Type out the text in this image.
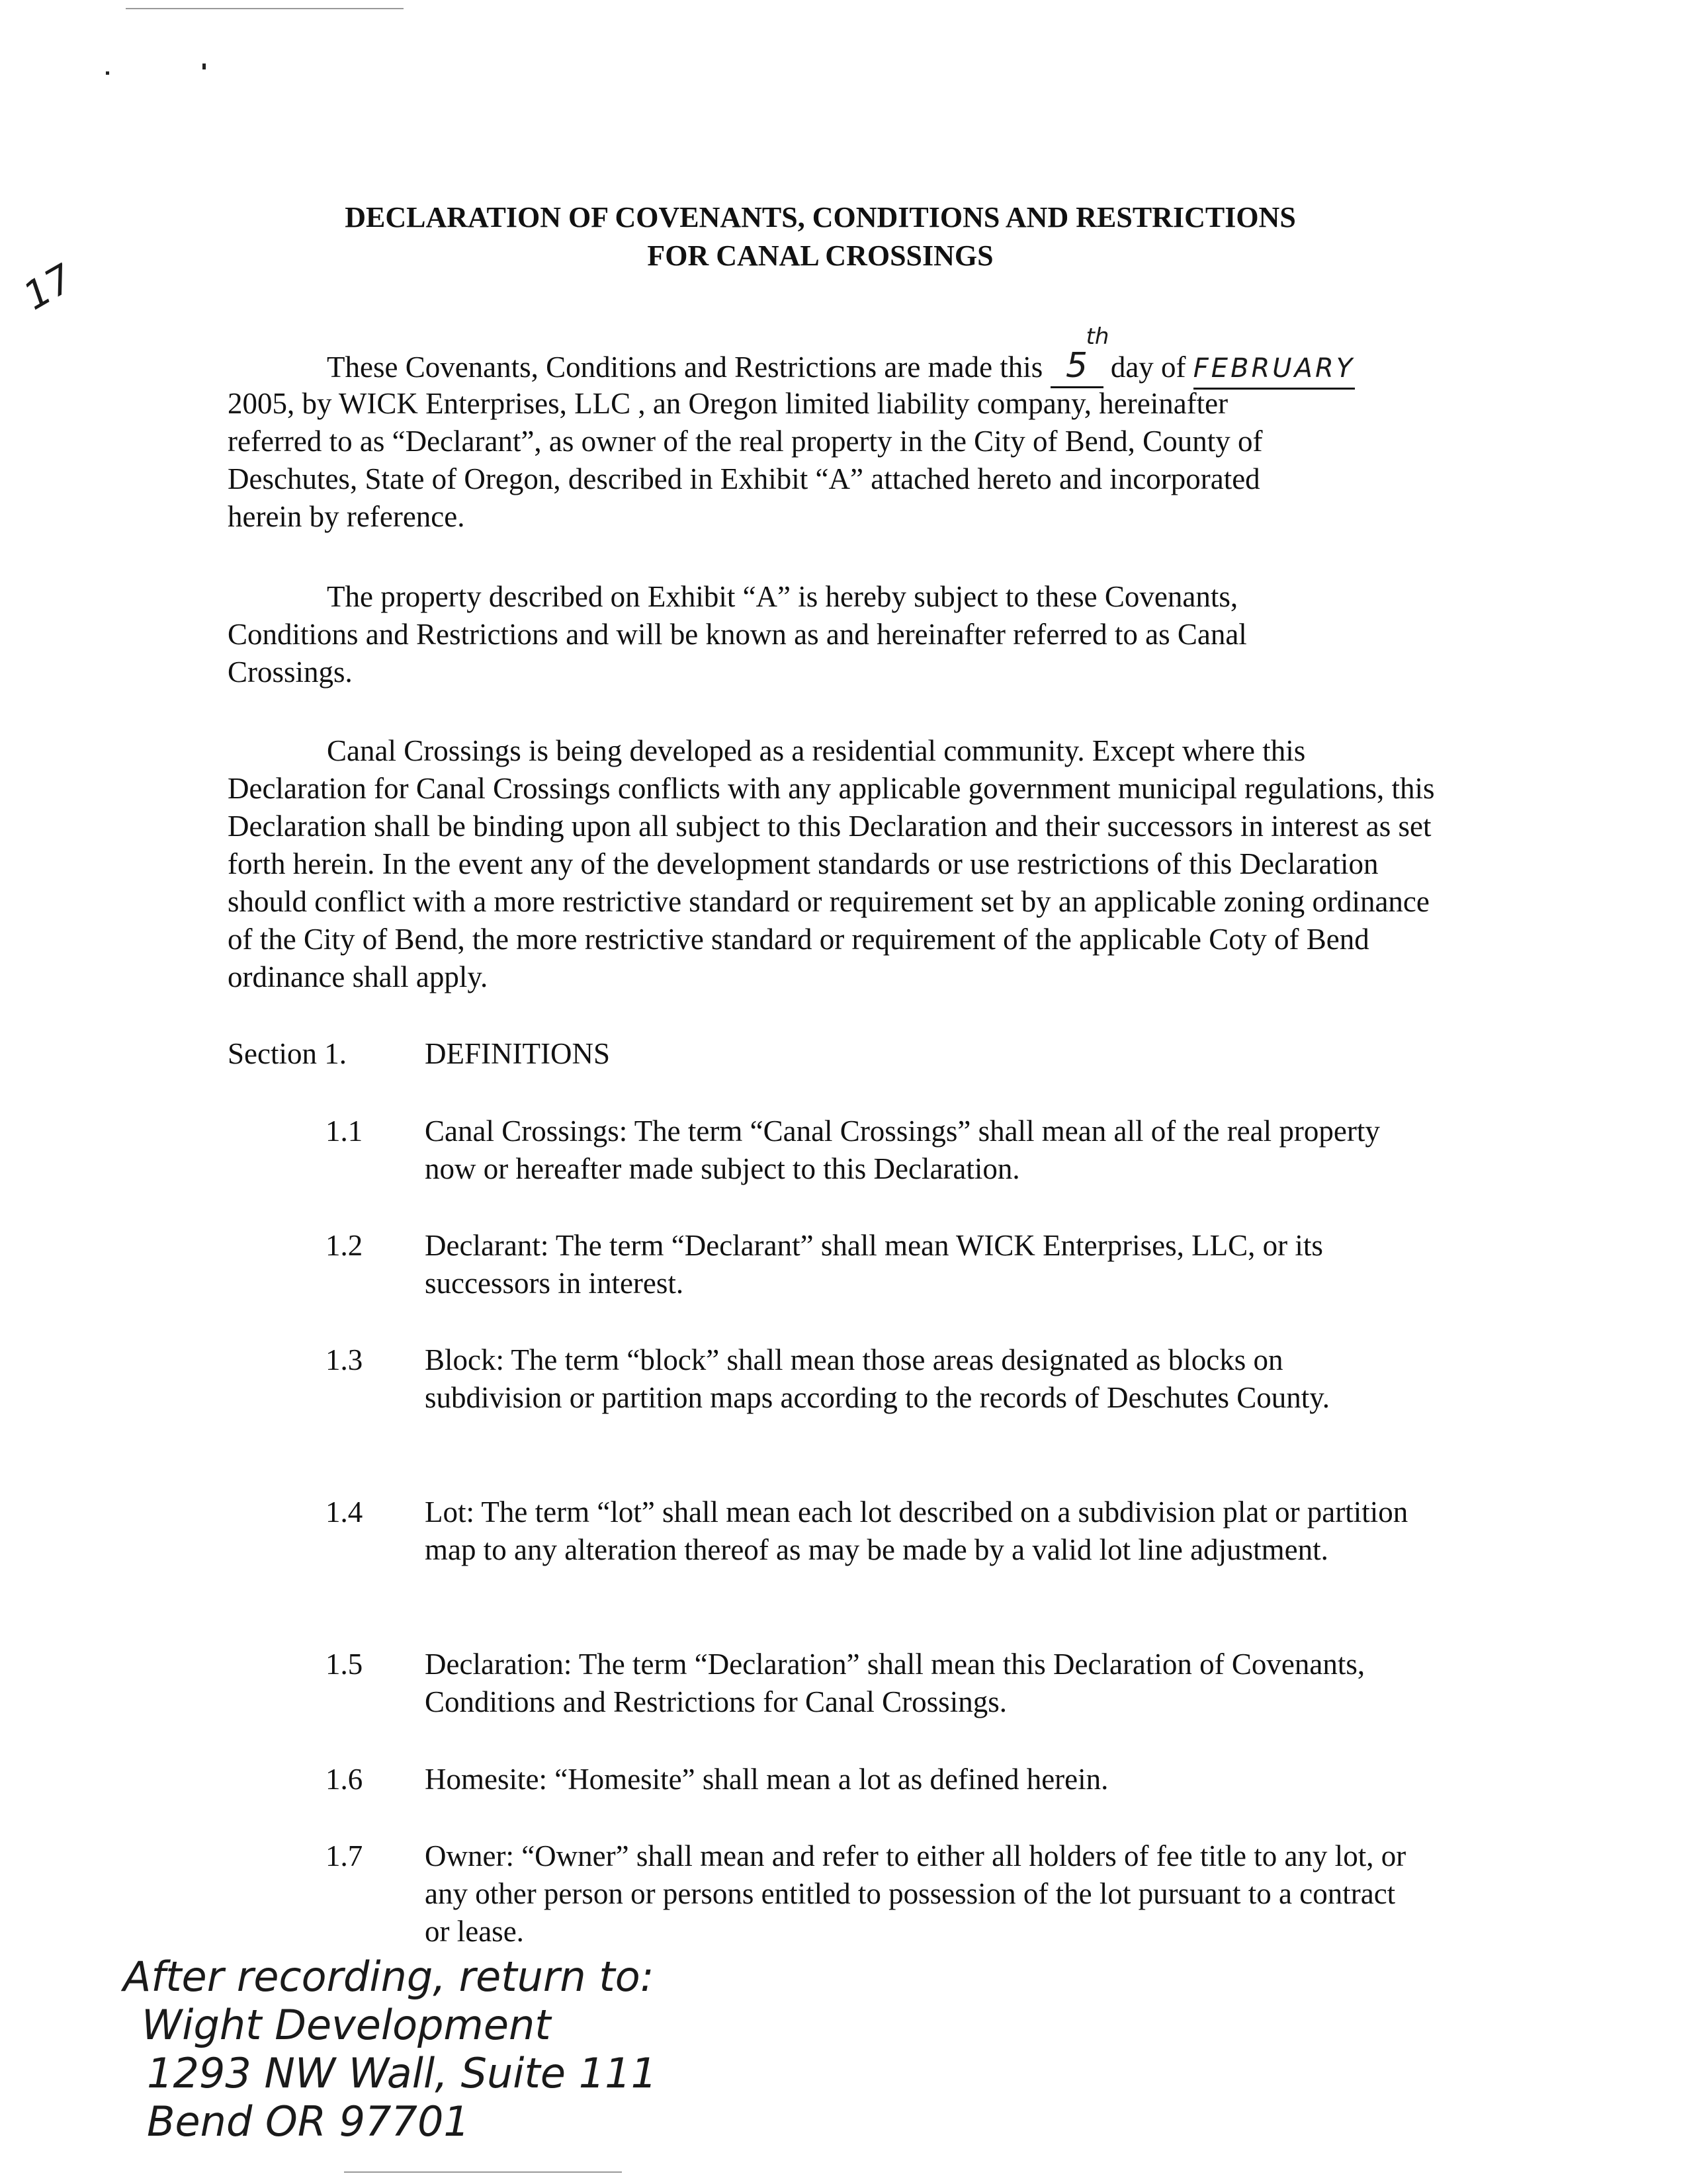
17
DECLARATION OF COVENANTS, CONDITIONS AND RESTRICTIONS
FOR CANAL CROSSINGS
These Covenants, Conditions and Restrictions are made this 5
th
day of FEBRUARY
2005, by WICK Enterprises, LLC , an Oregon limited liability company, hereinafter
referred to as “Declarant”, as owner of the real property in the City of Bend, County of
Deschutes, State of Oregon, described in Exhibit “A” attached hereto and incorporated
herein by reference.
The property described on Exhibit “A” is hereby subject to these Covenants, Conditions and Restrictions and will be known as and hereinafter referred to as Canal Crossings.
Canal Crossings is being developed as a residential community. Except where this Declaration for Canal Crossings conflicts with any applicable government municipal regulations, this Declaration shall be binding upon all subject to this Declaration and their successors in interest as set forth herein. In the event any of the development standards or use restrictions of this Declaration should conflict with a more restrictive standard or requirement set by an applicable zoning ordinance of the City of Bend, the more restrictive standard or requirement of the applicable Coty of Bend ordinance shall apply.
Section 1.	DEFINITIONS
1.1 Canal Crossings: The term “Canal Crossings” shall mean all of the real property now or hereafter made subject to this Declaration.
1.2 Declarant: The term “Declarant” shall mean WICK Enterprises, LLC, or its successors in interest.
1.3 Block: The term “block” shall mean those areas designated as blocks on subdivision or partition maps according to the records of Deschutes County.
1.4 Lot: The term “lot” shall mean each lot described on a subdivision plat or partition map to any alteration thereof as may be made by a valid lot line adjustment.
1.5 Declaration: The term “Declaration” shall mean this Declaration of Covenants, Conditions and Restrictions for Canal Crossings.
1.6 Homesite: “Homesite” shall mean a lot as defined herein.
1.7 Owner: “Owner” shall mean and refer to either all holders of fee title to any lot, or any other person or persons entitled to possession of the lot pursuant to a contract or lease.
After recording, return to:
Wight Development
1293 NW Wall, Suite 111
Bend OR 97701
